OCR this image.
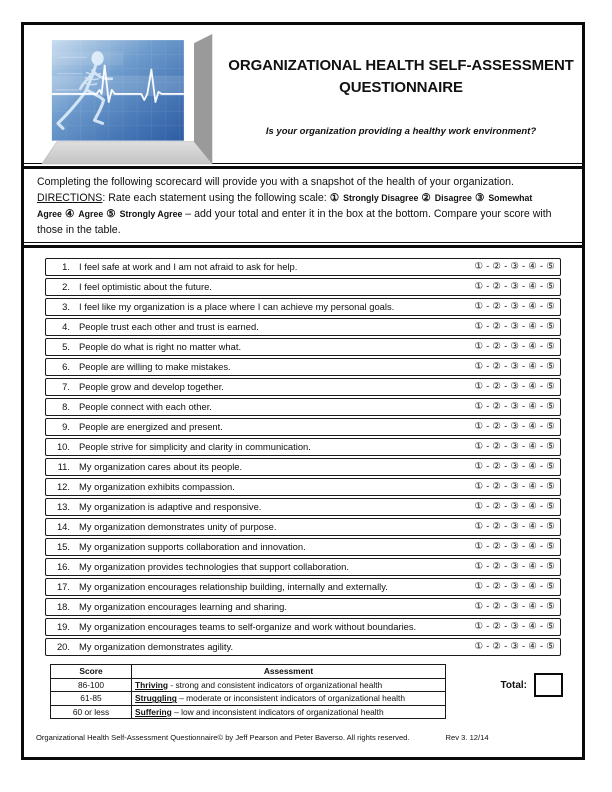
ORGANIZATIONAL HEALTH SELF-ASSESSMENT QUESTIONNAIRE
Is your organization providing a healthy work environment?
Completing the following scorecard will provide you with a snapshot of the health of your organization.
DIRECTIONS: Rate each statement using the following scale: ① Strongly Disagree ② Disagree ③ Somewhat Agree ④ Agree ⑤ Strongly Agree – add your total and enter it in the box at the bottom. Compare your score with those in the table.
1. I feel safe at work and I am not afraid to ask for help.	① - ② - ③ - ④ - ⑤

2. I feel optimistic about the future.	① - ② - ③ - ④ - ⑤

3. I feel like my organization is a place where I can achieve my personal goals.	① - ② - ③ - ④ - ⑤

4. People trust each other and trust is earned.	① - ② - ③ - ④ - ⑤

5. People do what is right no matter what.	① - ② - ③ - ④ - ⑤

6. People are willing to make mistakes.	① - ② - ③ - ④ - ⑤

7. People grow and develop together.	① - ② - ③ - ④ - ⑤

8. People connect with each other.	① - ② - ③ - ④ - ⑤

9. People are energized and present.	① - ② - ③ - ④ - ⑤

10. People strive for simplicity and clarity in communication.	① - ② - ③ - ④ - ⑤

11. My organization cares about its people.	① - ② - ③ - ④ - ⑤

12. My organization exhibits compassion.	① - ② - ③ - ④ - ⑤

13. My organization is adaptive and responsive.	① - ② - ③ - ④ - ⑤

14. My organization demonstrates unity of purpose.	① - ② - ③ - ④ - ⑤

15. My organization supports collaboration and innovation.	① - ② - ③ - ④ - ⑤

16. My organization provides technologies that support collaboration.	① - ② - ③ - ④ - ⑤

17. My organization encourages relationship building, internally and externally.	① - ② - ③ - ④ - ⑤

18. My organization encourages learning and sharing.	① - ② - ③ - ④ - ⑤

19. My organization encourages teams to self-organize and work without boundaries.	① - ② - ③ - ④ - ⑤

20. My organization demonstrates agility.	① - ② - ③ - ④ - ⑤
Score	Assessment
86-100	Thriving - strong and consistent indicators of organizational health
61-85	Struggling – moderate or inconsistent indicators of organizational health
60 or less	Suffering – low and inconsistent indicators of organizational health
Total:
Organizational Health Self-Assessment Questionnaire© by Jeff Pearson and Peter Baverso. All rights reserved.	Rev 3. 12/14
